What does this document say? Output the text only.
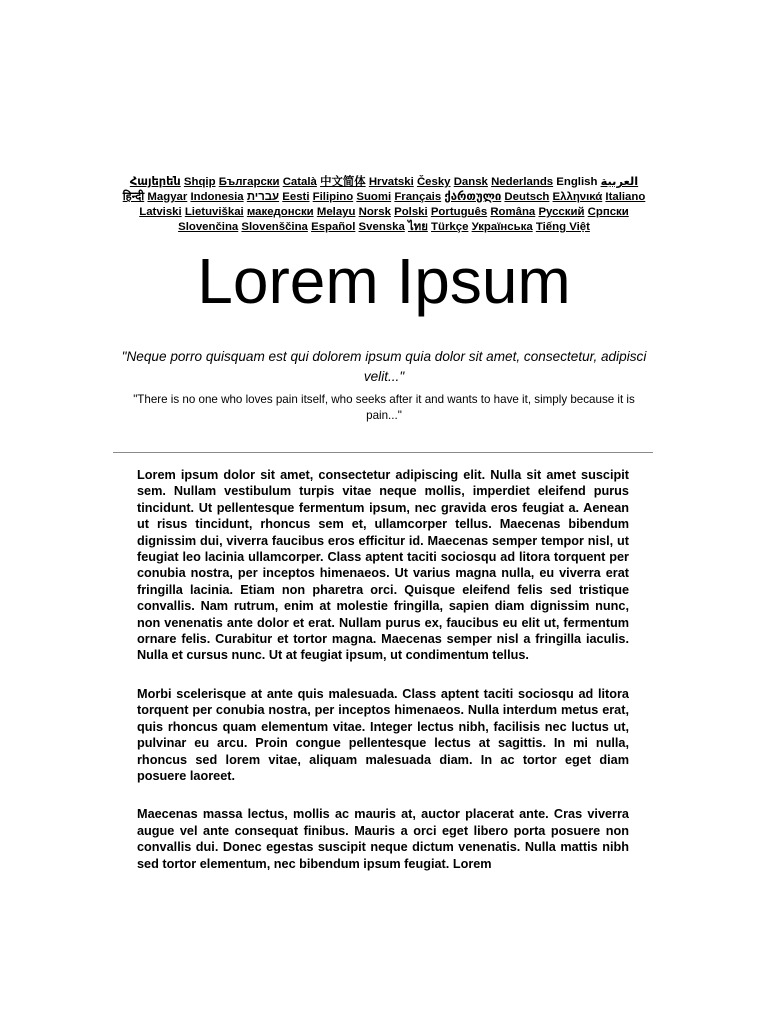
Հայերեն Shqip Български Català 中文简体 Hrvatski Česky Dansk Nederlands English العربية हिन्दी Magyar Indonesia עברית Eesti Filipino Suomi Français ქართული Deutsch Ελληνικά Italiano Latviski Lietuviškai македонски Melayu Norsk Polski Português Româna Pусский Српски Slovenčina Slovenščina Español Svenska ไทย Türkçe Українська Tiếng Việt
Lorem Ipsum
"Neque porro quisquam est qui dolorem ipsum quia dolor sit amet, consectetur, adipisci velit..."
"There is no one who loves pain itself, who seeks after it and wants to have it, simply because it is pain..."

Lorem ipsum dolor sit amet, consectetur adipiscing elit. Nulla sit amet suscipit sem. Nullam vestibulum turpis vitae neque mollis, imperdiet eleifend purus tincidunt. Ut pellentesque fermentum ipsum, nec gravida eros feugiat a. Aenean ut risus tincidunt, rhoncus sem et, ullamcorper tellus. Maecenas bibendum dignissim dui, viverra faucibus eros efficitur id. Maecenas semper tempor nisl, ut feugiat leo lacinia ullamcorper. Class aptent taciti sociosqu ad litora torquent per conubia nostra, per inceptos himenaeos. Ut varius magna nulla, eu viverra erat fringilla lacinia. Etiam non pharetra orci. Quisque eleifend felis sed tristique convallis. Nam rutrum, enim at molestie fringilla, sapien diam dignissim nunc, non venenatis ante dolor et erat. Nullam purus ex, faucibus eu elit ut, fermentum ornare felis. Curabitur et tortor magna. Maecenas semper nisl a fringilla iaculis. Nulla et cursus nunc. Ut at feugiat ipsum, ut condimentum tellus.

Morbi scelerisque at ante quis malesuada. Class aptent taciti sociosqu ad litora torquent per conubia nostra, per inceptos himenaeos. Nulla interdum metus erat, quis rhoncus quam elementum vitae. Integer lectus nibh, facilisis nec luctus ut, pulvinar eu arcu. Proin congue pellentesque lectus at sagittis. In mi nulla, rhoncus sed lorem vitae, aliquam malesuada diam. In ac tortor eget diam posuere laoreet.

Maecenas massa lectus, mollis ac mauris at, auctor placerat ante. Cras viverra augue vel ante consequat finibus. Mauris a orci eget libero porta posuere non convallis dui. Donec egestas suscipit neque dictum venenatis. Nulla mattis nibh sed tortor elementum, nec bibendum ipsum feugiat. Lorem
